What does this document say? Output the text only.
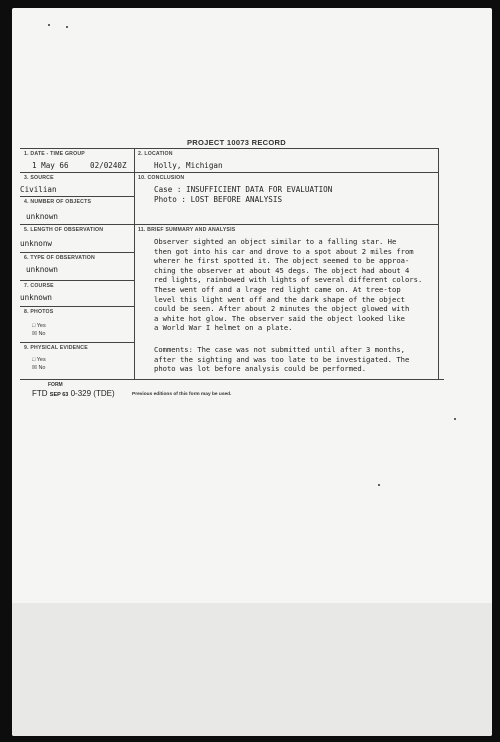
PROJECT 10073 RECORD
1. DATE - TIME GROUP
1 May 66	02/0240Z
2. LOCATION
Holly, Michigan
3. SOURCE
Civilian
10. CONCLUSION
Case : INSUFFICIENT DATA FOR EVALUATION
Photo : LOST BEFORE ANALYSIS
4. NUMBER OF OBJECTS
unknown
5. LENGTH OF OBSERVATION
unknonw
11. BRIEF SUMMARY AND ANALYSIS
Observer sighted an object similar to a falling star. He
then got into his car and drove to a spot about 2 miles from
wherer he first spotted it. The object seemed to be approa-
ching the observer at about 45 degs. The object had about 4
red lights, rainbowed with lights of several different colors.
These went off and a lrage red light came on. At tree-top
level this light went off and the dark shape of the object
could be seen. After about 2 minutes the object glowed with
a white hot glow. The observer said the object looked like
a World War I helmet on a plate.
Comments: The case was not submitted until after 3 months,
after the sighting and was too late to be investigated. The
photo was lot before analysis could be performed.
6. TYPE OF OBSERVATION
unknown
7. COURSE
unknown
8. PHOTOS
□ Yes
☒ No
9. PHYSICAL EVIDENCE
□ Yes
☒ No
FORM
FTD SEP 63 0-329 (TDE)	Previous editions of this form may be used.
